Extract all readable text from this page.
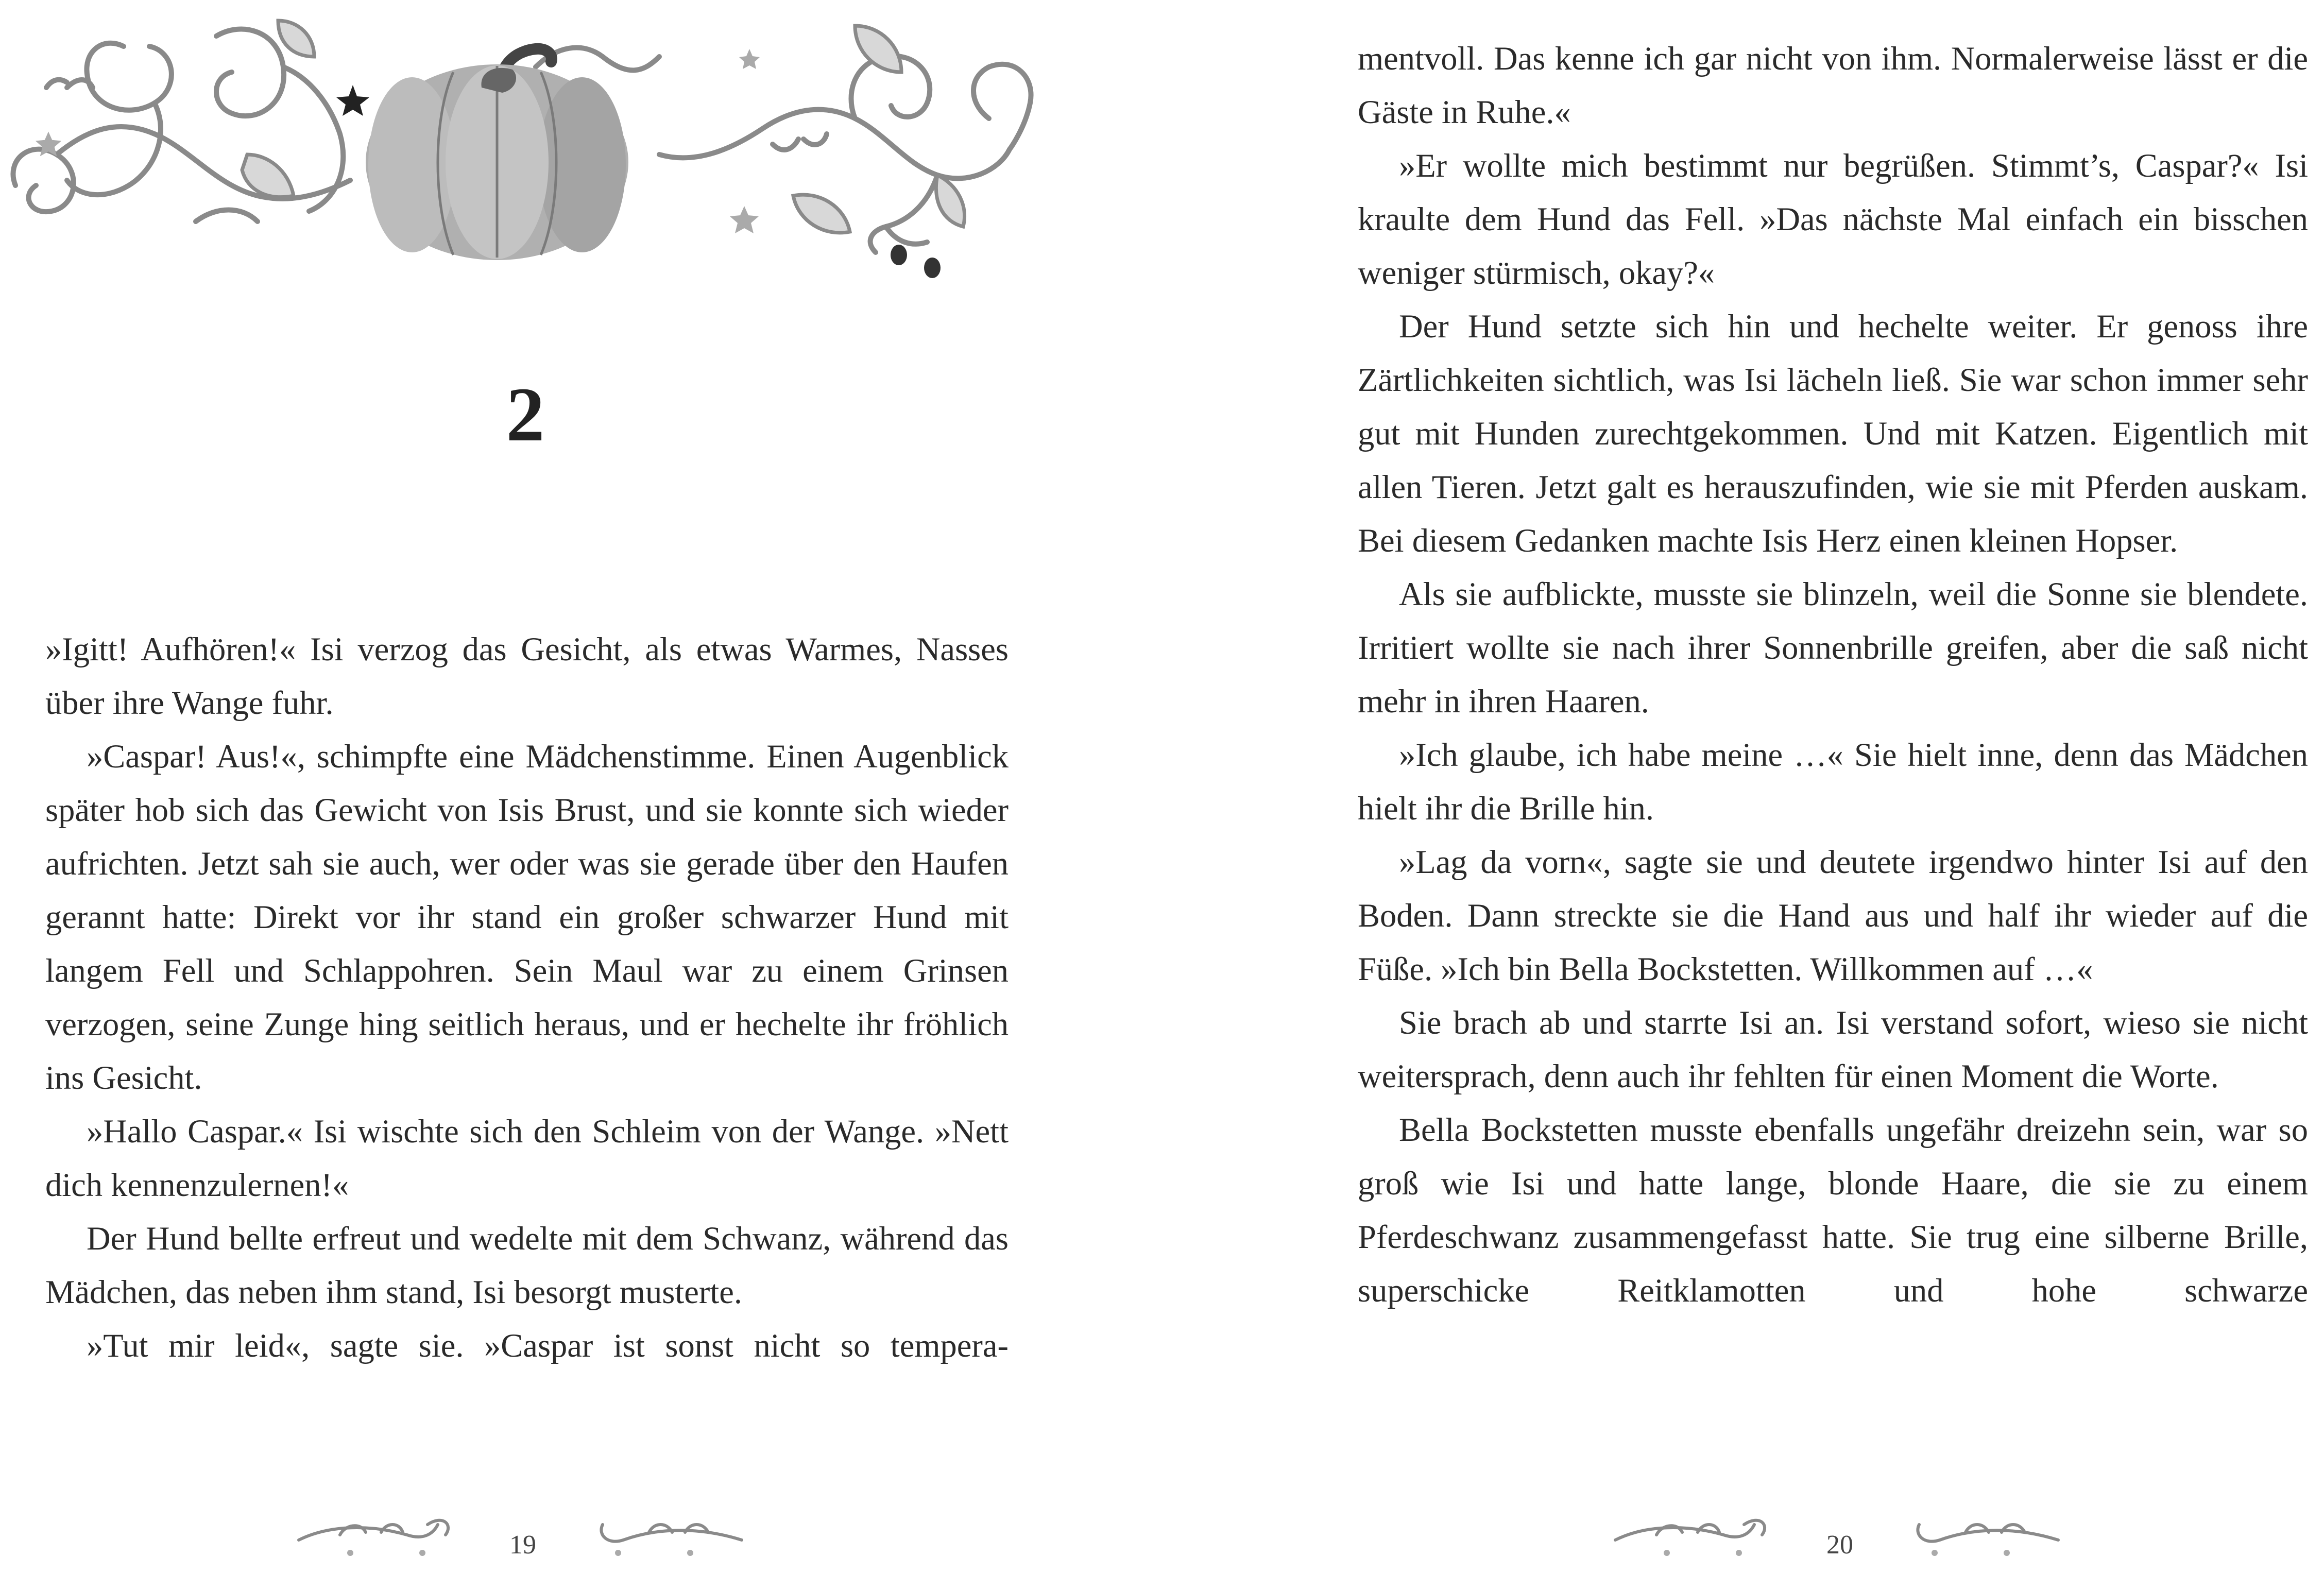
2

»Igitt! Aufhören!« Isi verzog das Gesicht, als etwas Warmes, Nasses über ihre Wange fuhr.

»Caspar! Aus!«, schimpfte eine Mädchenstimme. Einen Augenblick später hob sich das Gewicht von Isis Brust, und sie konnte sich wieder aufrichten. Jetzt sah sie auch, wer oder was sie gerade über den Haufen gerannt hatte: Direkt vor ihr stand ein großer schwarzer Hund mit langem Fell und Schlappohren. Sein Maul war zu einem Grinsen verzogen, seine Zunge hing seitlich heraus, und er hechelte ihr fröhlich ins Gesicht.

»Hallo Caspar.« Isi wischte sich den Schleim von der Wange. »Nett dich kennenzulernen!«

Der Hund bellte erfreut und wedelte mit dem Schwanz, während das Mädchen, das neben ihm stand, Isi besorgt musterte.

»Tut mir leid«, sagte sie. »Caspar ist sonst nicht so tempera-

19

mentvoll. Das kenne ich gar nicht von ihm. Normalerweise lässt er die Gäste in Ruhe.«

»Er wollte mich bestimmt nur begrüßen. Stimmt’s, Caspar?« Isi kraulte dem Hund das Fell. »Das nächste Mal einfach ein bisschen weniger stürmisch, okay?«

Der Hund setzte sich hin und hechelte weiter. Er genoss ihre Zärtlichkeiten sichtlich, was Isi lächeln ließ. Sie war schon immer sehr gut mit Hunden zurechtgekommen. Und mit Katzen. Eigentlich mit allen Tieren. Jetzt galt es herauszufinden, wie sie mit Pferden auskam. Bei diesem Gedanken machte Isis Herz einen kleinen Hopser.

Als sie aufblickte, musste sie blinzeln, weil die Sonne sie blendete. Irritiert wollte sie nach ihrer Sonnenbrille greifen, aber die saß nicht mehr in ihren Haaren.

»Ich glaube, ich habe meine …« Sie hielt inne, denn das Mädchen hielt ihr die Brille hin.

»Lag da vorn«, sagte sie und deutete irgendwo hinter Isi auf den Boden. Dann streckte sie die Hand aus und half ihr wieder auf die Füße. »Ich bin Bella Bockstetten. Willkommen auf …«

Sie brach ab und starrte Isi an. Isi verstand sofort, wieso sie nicht weitersprach, denn auch ihr fehlten für einen Moment die Worte.

Bella Bockstetten musste ebenfalls ungefähr dreizehn sein, war so groß wie Isi und hatte lange, blonde Haare, die sie zu einem Pferdeschwanz zusammengefasst hatte. Sie trug eine silberne Brille, superschicke Reitklamotten und hohe schwarze

20
